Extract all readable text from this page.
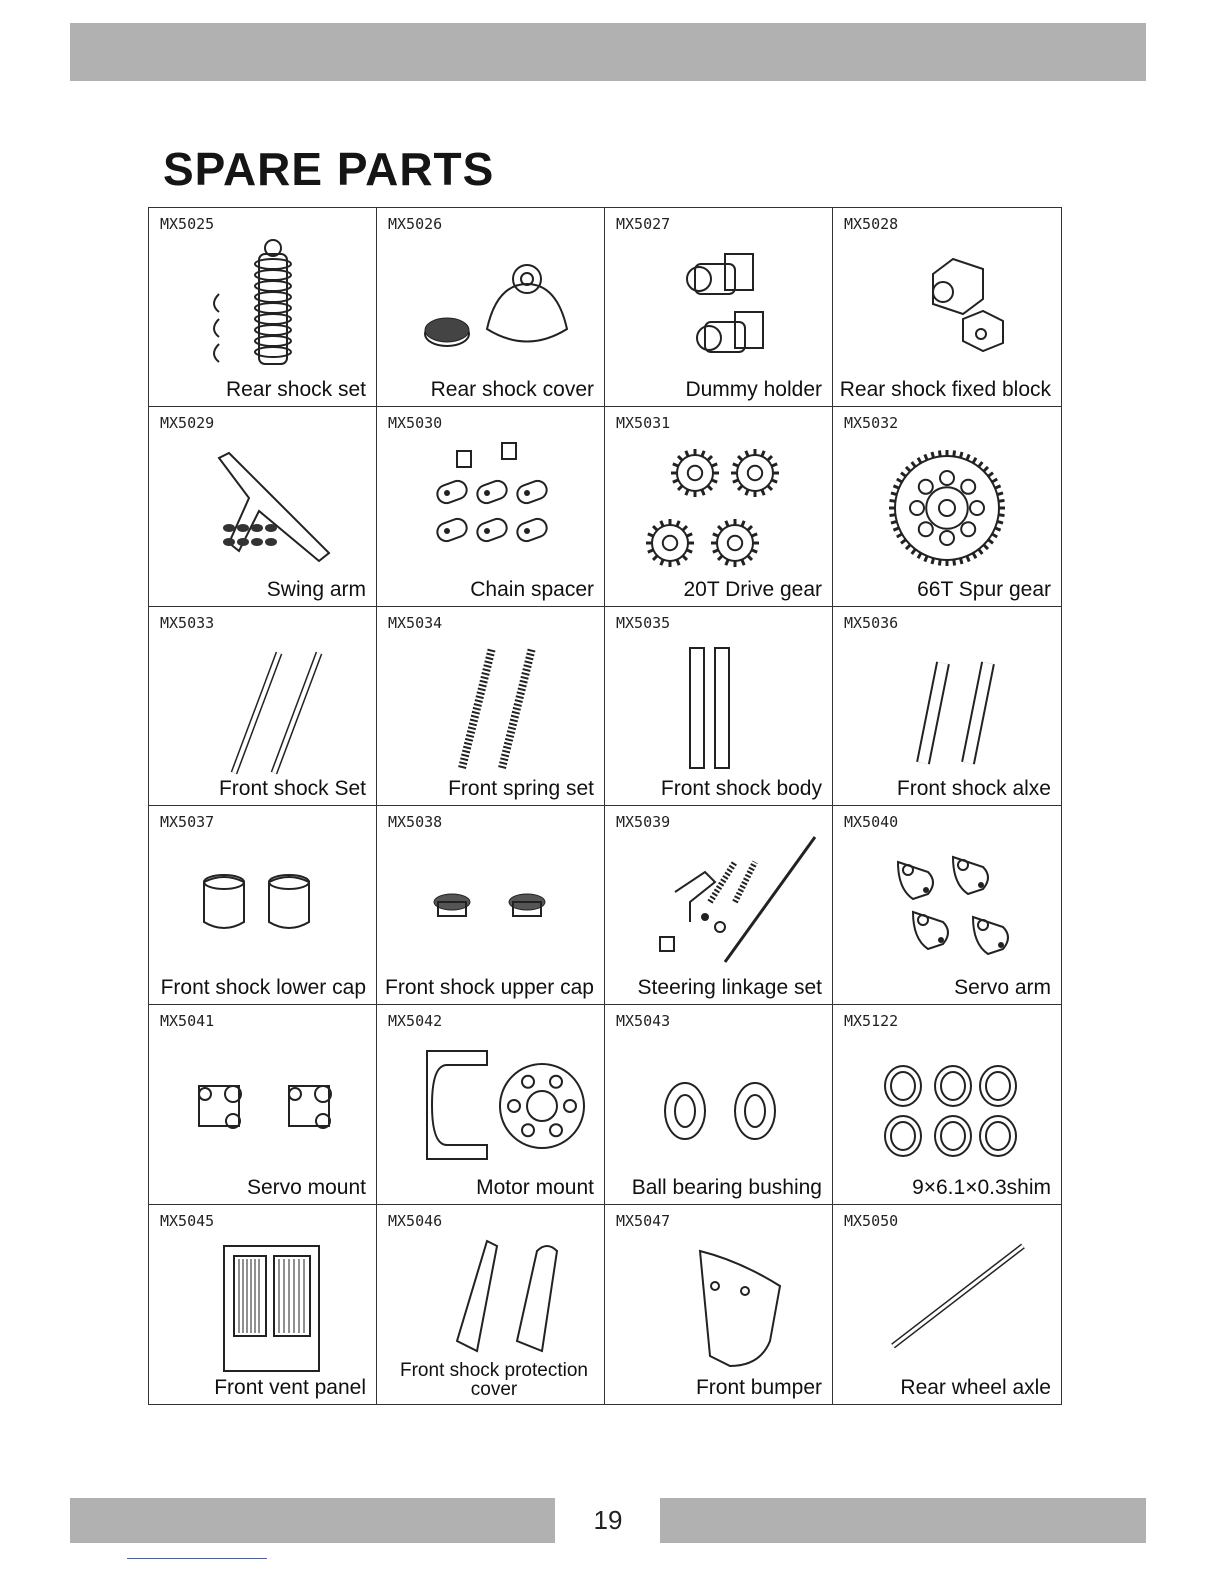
SPARE PARTS
MX5025
Rear shock set
MX5026
Rear shock cover
MX5027
Dummy holder
MX5028
Rear shock fixed block
MX5029
Swing arm
MX5030
Chain spacer
MX5031
20T Drive gear
MX5032
66T Spur gear
MX5033
Front shock Set
MX5034
Front spring set
MX5035
Front shock body
MX5036
Front shock alxe
MX5037
Front shock lower cap
MX5038
Front shock upper cap
MX5039
Steering linkage set
MX5040
Servo arm
MX5041
Servo mount
MX5042
Motor mount
MX5043
Ball bearing bushing
MX5122
9×6.1×0.3shim
MX5045
Front vent panel
MX5046
Front shock protection cover
MX5047
Front bumper
MX5050
Rear wheel axle
19
